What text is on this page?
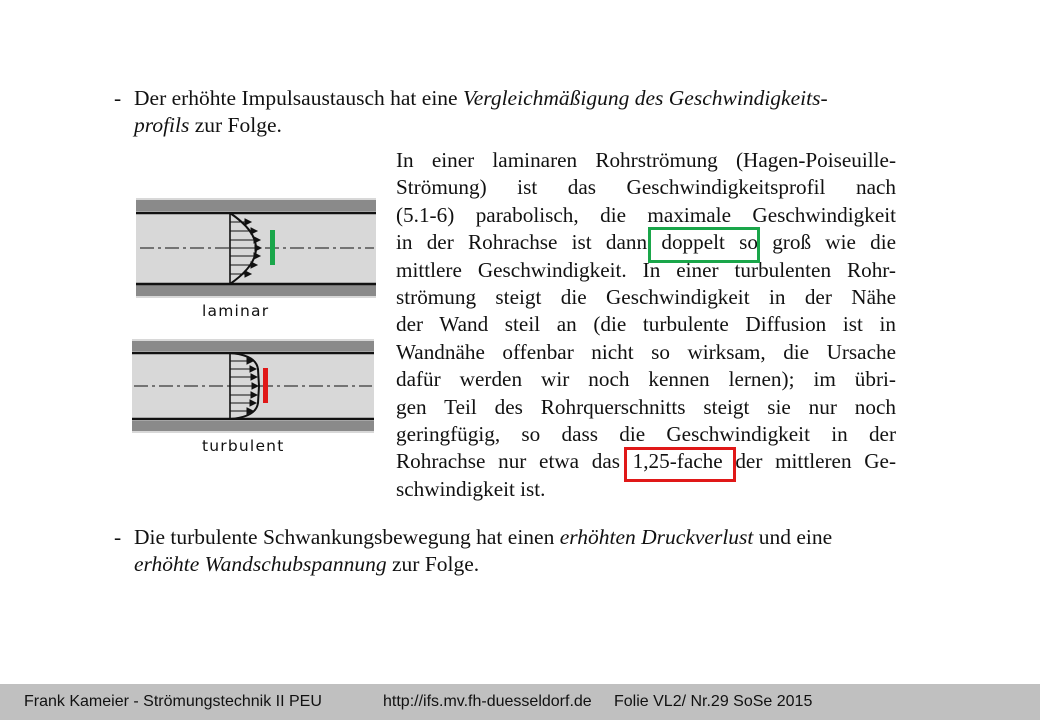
- Der erhöhte Impulsaustausch hat eine Vergleichmäßigung des Geschwindigkeits-
profils zur Folge.
laminar
turbulent
In einer laminaren Rohrströmung (Hagen-Poiseuille-
Strömung) ist das Geschwindigkeitsprofil nach
(5.1-6) parabolisch, die maximale Geschwindigkeit
in der Rohrachse ist dann doppelt so groß wie die
mittlere Geschwindigkeit. In einer turbulenten Rohr-
strömung steigt die Geschwindigkeit in der Nähe
der Wand steil an (die turbulente Diffusion ist in
Wandnähe offenbar nicht so wirksam, die Ursache
dafür werden wir noch kennen lernen); im übri-
gen Teil des Rohrquerschnitts steigt sie nur noch
geringfügig, so dass die Geschwindigkeit in der
Rohrachse nur etwa das 1,25-fache der mittleren Ge-
schwindigkeit ist.
- Die turbulente Schwankungsbewegung hat einen erhöhten Druckverlust und eine
erhöhte Wandschubspannung zur Folge.
Frank Kameier - Strömungstechnik II PEU	http://ifs.mv.fh-duesseldorf.de Folie VL2/ Nr.29 SoSe 2015
